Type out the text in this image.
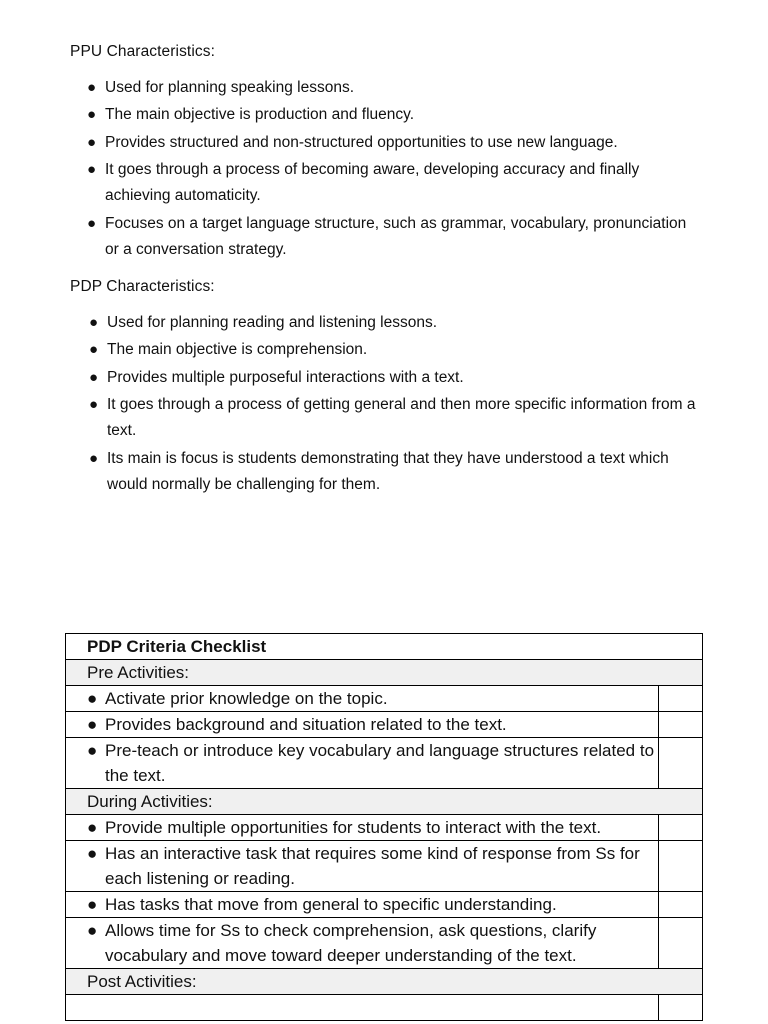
PPU Characteristics:
● Used for planning speaking lessons.
● The main objective is production and fluency.
● Provides structured and non-structured opportunities to use new language.
● It goes through a process of becoming aware, developing accuracy and finally achieving automaticity.
● Focuses on a target language structure, such as grammar, vocabulary, pronunciation or a conversation strategy.
PDP Characteristics:
● Used for planning reading and listening lessons.
● The main objective is comprehension.
● Provides multiple purposeful interactions with a text.
● It goes through a process of getting general and then more specific information from a text.
● Its main is focus is students demonstrating that they have understood a text which would normally be challenging for them.
PDP Criteria Checklist	
Pre Activities:	

● Activate prior knowledge on the topic.	

● Provides background and situation related to the text.	

● Pre-teach or introduce key vocabulary and language structures related to the text.	

During Activities:	

● Provide multiple opportunities for students to interact with the text.	

● Has an interactive task that requires some kind of response from Ss for each listening or reading.	

● Has tasks that move from general to specific understanding.	

● Allows time for Ss to check comprehension, ask questions, clarify vocabulary and move toward deeper understanding of the text.	

Post Activities:	
